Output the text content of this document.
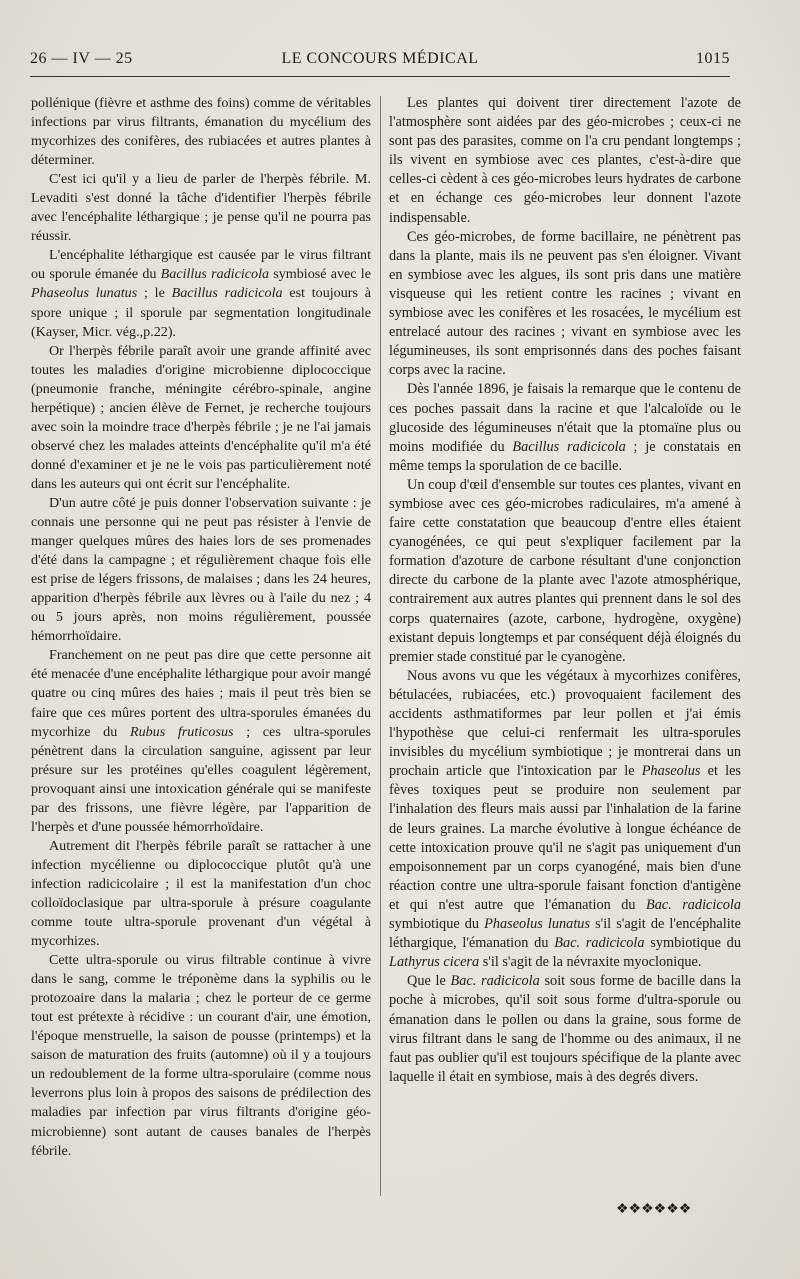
26 — IV — 25	LE CONCOURS MÉDICAL	1015

pollénique (fièvre et asthme des foins) comme de véritables infections par virus filtrants, émanation du mycélium des mycorhizes des conifères, des rubiacées et autres plantes à déterminer.

C'est ici qu'il y a lieu de parler de l'herpès fébrile. M. Levaditi s'est donné la tâche d'identifier l'herpès fébrile avec l'encéphalite léthargique ; je pense qu'il ne pourra pas réussir.

L'encéphalite léthargique est causée par le virus filtrant ou sporule émanée du Bacillus radicicola symbiosé avec le Phaseolus lunatus ; le Bacillus radicicola est toujours à spore unique ; il sporule par segmentation longitudinale (Kayser, Micr. vég.,p.22).

Or l'herpès fébrile paraît avoir une grande affinité avec toutes les maladies d'origine microbienne diplococcique (pneumonie franche, méningite cérébro-spinale, angine herpétique) ; ancien élève de Fernet, je recherche toujours avec soin la moindre trace d'herpès fébrile ; je ne l'ai jamais observé chez les malades atteints d'encéphalite qu'il m'a été donné d'examiner et je ne le vois pas particulièrement noté dans les auteurs qui ont écrit sur l'encéphalite.

D'un autre côté je puis donner l'observation suivante : je connais une personne qui ne peut pas résister à l'envie de manger quelques mûres des haies lors de ses promenades d'été dans la campagne ; et régulièrement chaque fois elle est prise de légers frissons, de malaises ; dans les 24 heures, apparition d'herpès fébrile aux lèvres ou à l'aile du nez ; 4 ou 5 jours après, non moins régulièrement, poussée hémorrhoïdaire.

Franchement on ne peut pas dire que cette personne ait été menacée d'une encéphalite léthargique pour avoir mangé quatre ou cinq mûres des haies ; mais il peut très bien se faire que ces mûres portent des ultra-sporules émanées du mycorhize du Rubus fruticosus ; ces ultra-sporules pénètrent dans la circulation sanguine, agissent par leur présure sur les protéines qu'elles coagulent légèrement, provoquant ainsi une intoxication générale qui se manifeste par des frissons, une fièvre légère, par l'apparition de l'herpès et d'une poussée hémorrhoïdaire.

Autrement dit l'herpès fébrile paraît se rattacher à une infection mycélienne ou diplococcique plutôt qu'à une infection radicicolaire ; il est la manifestation d'un choc colloïdoclasique par ultra-sporule à présure coagulante comme toute ultra-sporule provenant d'un végétal à mycorhizes.

Cette ultra-sporule ou virus filtrable continue à vivre dans le sang, comme le tréponème dans la syphilis ou le protozoaire dans la malaria ; chez le porteur de ce germe tout est prétexte à récidive : un courant d'air, une émotion, l'époque menstruelle, la saison de pousse (printemps) et la saison de maturation des fruits (automne) où il y a toujours un redoublement de la forme ultra-sporulaire (comme nous leverrons plus loin à propos des saisons de prédilection des maladies par infection par virus filtrants d'origine géo-microbienne) sont autant de causes banales de l'herpès fébrile.

Les plantes qui doivent tirer directement l'azote de l'atmosphère sont aidées par des géo-microbes ; ceux-ci ne sont pas des parasites, comme on l'a cru pendant longtemps ; ils vivent en symbiose avec ces plantes, c'est-à-dire que celles-ci cèdent à ces géo-microbes leurs hydrates de carbone et en échange ces géo-microbes leur donnent l'azote indispensable.

Ces géo-microbes, de forme bacillaire, ne pénètrent pas dans la plante, mais ils ne peuvent pas s'en éloigner. Vivant en symbiose avec les algues, ils sont pris dans une matière visqueuse qui les retient contre les racines ; vivant en symbiose avec les conifères et les rosacées, le mycélium est entrelacé autour des racines ; vivant en symbiose avec les légumineuses, ils sont emprisonnés dans des poches faisant corps avec la racine.

Dès l'année 1896, je faisais la remarque que le contenu de ces poches passait dans la racine et que l'alcaloïde ou le glucoside des légumineuses n'était que la ptomaïne plus ou moins modifiée du Bacillus radicicola ; je constatais en même temps la sporulation de ce bacille.

Un coup d'œil d'ensemble sur toutes ces plantes, vivant en symbiose avec ces géo-microbes radiculaires, m'a amené à faire cette constatation que beaucoup d'entre elles étaient cyanogénées, ce qui peut s'expliquer facilement par la formation d'azoture de carbone résultant d'une conjonction directe du carbone de la plante avec l'azote atmosphérique, contrairement aux autres plantes qui prennent dans le sol des corps quaternaires (azote, carbone, hydrogène, oxygène) existant depuis longtemps et par conséquent déjà éloignés du premier stade constitué par le cyanogène.

Nous avons vu que les végétaux à mycorhizes conifères, bétulacées, rubiacées, etc.) provoquaient facilement des accidents asthmatiformes par leur pollen et j'ai émis l'hypothèse que celui-ci renfermait les ultra-sporules invisibles du mycélium symbiotique ; je montrerai dans un prochain article que l'intoxication par le Phaseolus et les fèves toxiques peut se produire non seulement par l'inhalation des fleurs mais aussi par l'inhalation de la farine de leurs graines. La marche évolutive à longue échéance de cette intoxication prouve qu'il ne s'agit pas uniquement d'un empoisonnement par un corps cyanogéné, mais bien d'une réaction contre une ultra-sporule faisant fonction d'antigène et qui n'est autre que l'émanation du Bac. radicicola symbiotique du Phaseolus lunatus s'il s'agit de l'encéphalite léthargique, l'émanation du Bac. radicicola symbiotique du Lathyrus cicera s'il s'agit de la névraxite myoclonique.

Que le Bac. radicicola soit sous forme de bacille dans la poche à microbes, qu'il soit sous forme d'ultra-sporule ou émanation dans le pollen ou dans la graine, sous forme de virus filtrant dans le sang de l'homme ou des animaux, il ne faut pas oublier qu'il est toujours spécifique de la plante avec laquelle il était en symbiose, mais à des degrés divers.

❖❖❖❖❖❖
